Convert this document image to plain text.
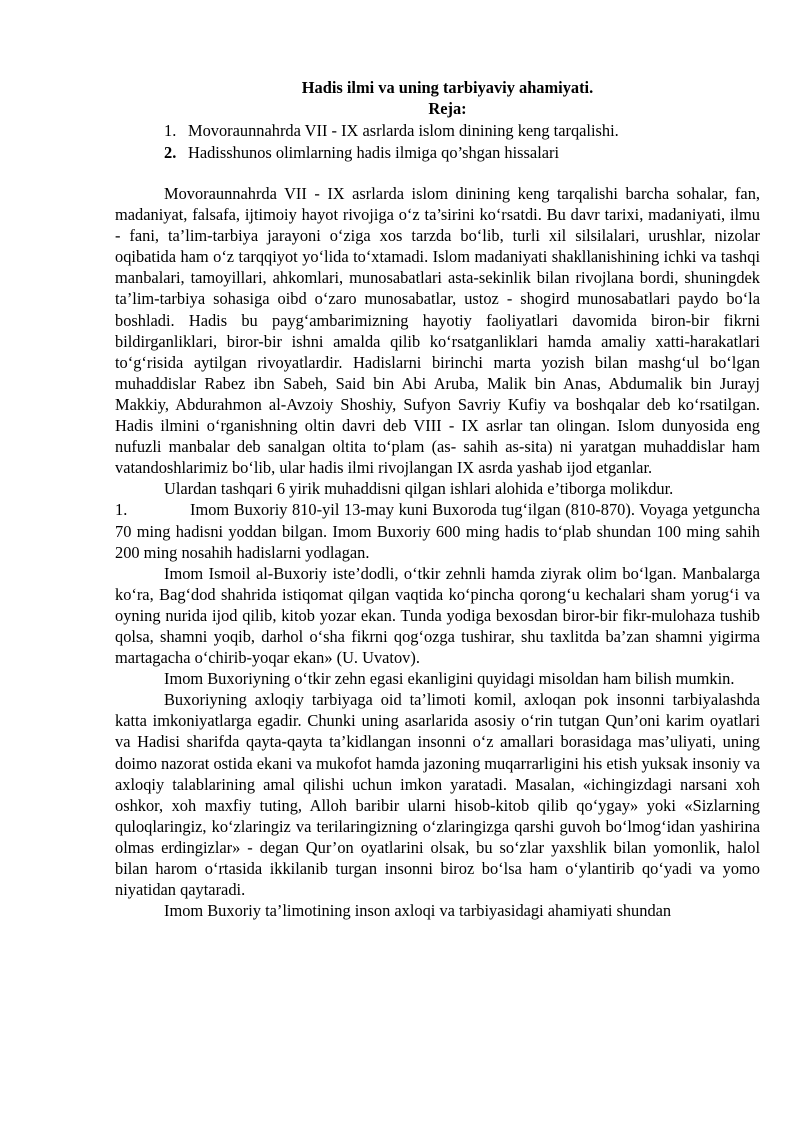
Hadis ilmi va uning tarbiyaviy ahamiyati.
Reja:
1. Movoraunnahrda VII - IX asrlarda islom dinining keng tarqalishi.
2. Hadisshunos olimlarning hadis ilmiga qo’shgan hissalari

Movoraunnahrda VII - IX asrlarda islom dinining keng tarqalishi barcha sohalar, fan, madaniyat, falsafa, ijtimoiy hayot rivojiga o‘z ta’sirini ko‘rsatdi. Bu davr tarixi, madaniyati, ilmu - fani, ta’lim-tarbiya jarayoni o‘ziga xos tarzda bo‘lib, turli xil silsilalari, urushlar, nizolar oqibatida ham o‘z tarqqiyot yo‘lida to‘xtamadi. Islom madaniyati shakllanishining ichki va tashqi manbalari, tamoyillari, ahkomlari, munosabatlari asta-sekinlik bilan rivojlana bordi, shuningdek ta’lim-tarbiya sohasiga oibd o‘zaro munosabatlar, ustoz - shogird munosabatlari paydo bo‘la boshladi. Hadis bu payg‘ambarimizning hayotiy faoliyatlari davomida biron-bir fikrni bildirganliklari, biror-bir ishni amalda qilib ko‘rsatganliklari hamda amaliy xatti-harakatlari to‘g‘risida aytilgan rivoyatlardir. Hadislarni birinchi marta yozish bilan mashg‘ul bo‘lgan muhaddislar Rabez ibn Sabeh, Said bin Abi Aruba, Malik bin Anas, Abdumalik bin Jurayj Makkiy, Abdurahmon al-Avzoiy Shoshiy, Sufyon Savriy Kufiy va boshqalar deb ko‘rsatilgan. Hadis ilmini o‘rganishning oltin davri deb VIII - IX asrlar tan olingan. Islom dunyosida eng nufuzli manbalar deb sanalgan oltita to‘plam (as- sahih as-sita) ni yaratgan muhaddislar ham vatandoshlarimiz bo‘lib, ular hadis ilmi rivojlangan IX asrda yashab ijod etganlar.

Ulardan tashqari 6 yirik muhaddisni qilgan ishlari alohida e’tiborga molikdur.

1.	Imom Buxoriy 810-yil 13-may kuni Buxoroda tug‘ilgan (810-870). Voyaga yetguncha 70 ming hadisni yoddan bilgan. Imom Buxoriy 600 ming hadis to‘plab shundan 100 ming sahih 200 ming nosahih hadislarni yodlagan.

Imom Ismoil al-Buxoriy iste’dodli, o‘tkir zehnli hamda ziyrak olim bo‘lgan. Manbalarga ko‘ra, Bag‘dod shahrida istiqomat qilgan vaqtida ko‘pincha qorong‘u kechalari sham yorug‘i va oyning nurida ijod qilib, kitob yozar ekan. Tunda yodiga bexosdan biror-bir fikr-mulohaza tushib qolsa, shamni yoqib, darhol o‘sha fikrni qog‘ozga tushirar, shu taxlitda ba’zan shamni yigirma martagacha o‘chirib-yoqar ekan» (U. Uvatov).

Imom Buxoriyning o‘tkir zehn egasi ekanligini quyidagi misoldan ham bilish mumkin.

Buxoriyning axloqiy tarbiyaga oid ta’limoti komil, axloqan pok insonni tarbiyalashda katta imkoniyatlarga egadir. Chunki uning asarlarida asosiy o‘rin tutgan Qun’oni karim oyatlari va Hadisi sharifda qayta-qayta ta’kidlangan insonni o‘z amallari borasidaga mas’uliyati, uning doimo nazorat ostida ekani va mukofot hamda jazoning muqarrarligini his etish yuksak insoniy va axloqiy talablarining amal qilishi uchun imkon yaratadi. Masalan, «ichingizdagi narsani xoh oshkor, xoh maxfiy tuting, Alloh baribir ularni hisob-kitob qilib qo‘ygay» yoki «Sizlarning quloqlaringiz, ko‘zlaringiz va terilaringizning o‘zlaringizga qarshi guvoh bo‘lmog‘idan yashirina olmas erdingizlar» - degan Qur’on oyatlarini olsak, bu so‘zlar yaxshlik bilan yomonlik, halol bilan harom o‘rtasida ikkilanib turgan insonni biroz bo‘lsa ham o‘ylantirib qo‘yadi va yomo niyatidan qaytaradi.

Imom Buxoriy ta’limotining inson axloqi va tarbiyasidagi ahamiyati shundan
